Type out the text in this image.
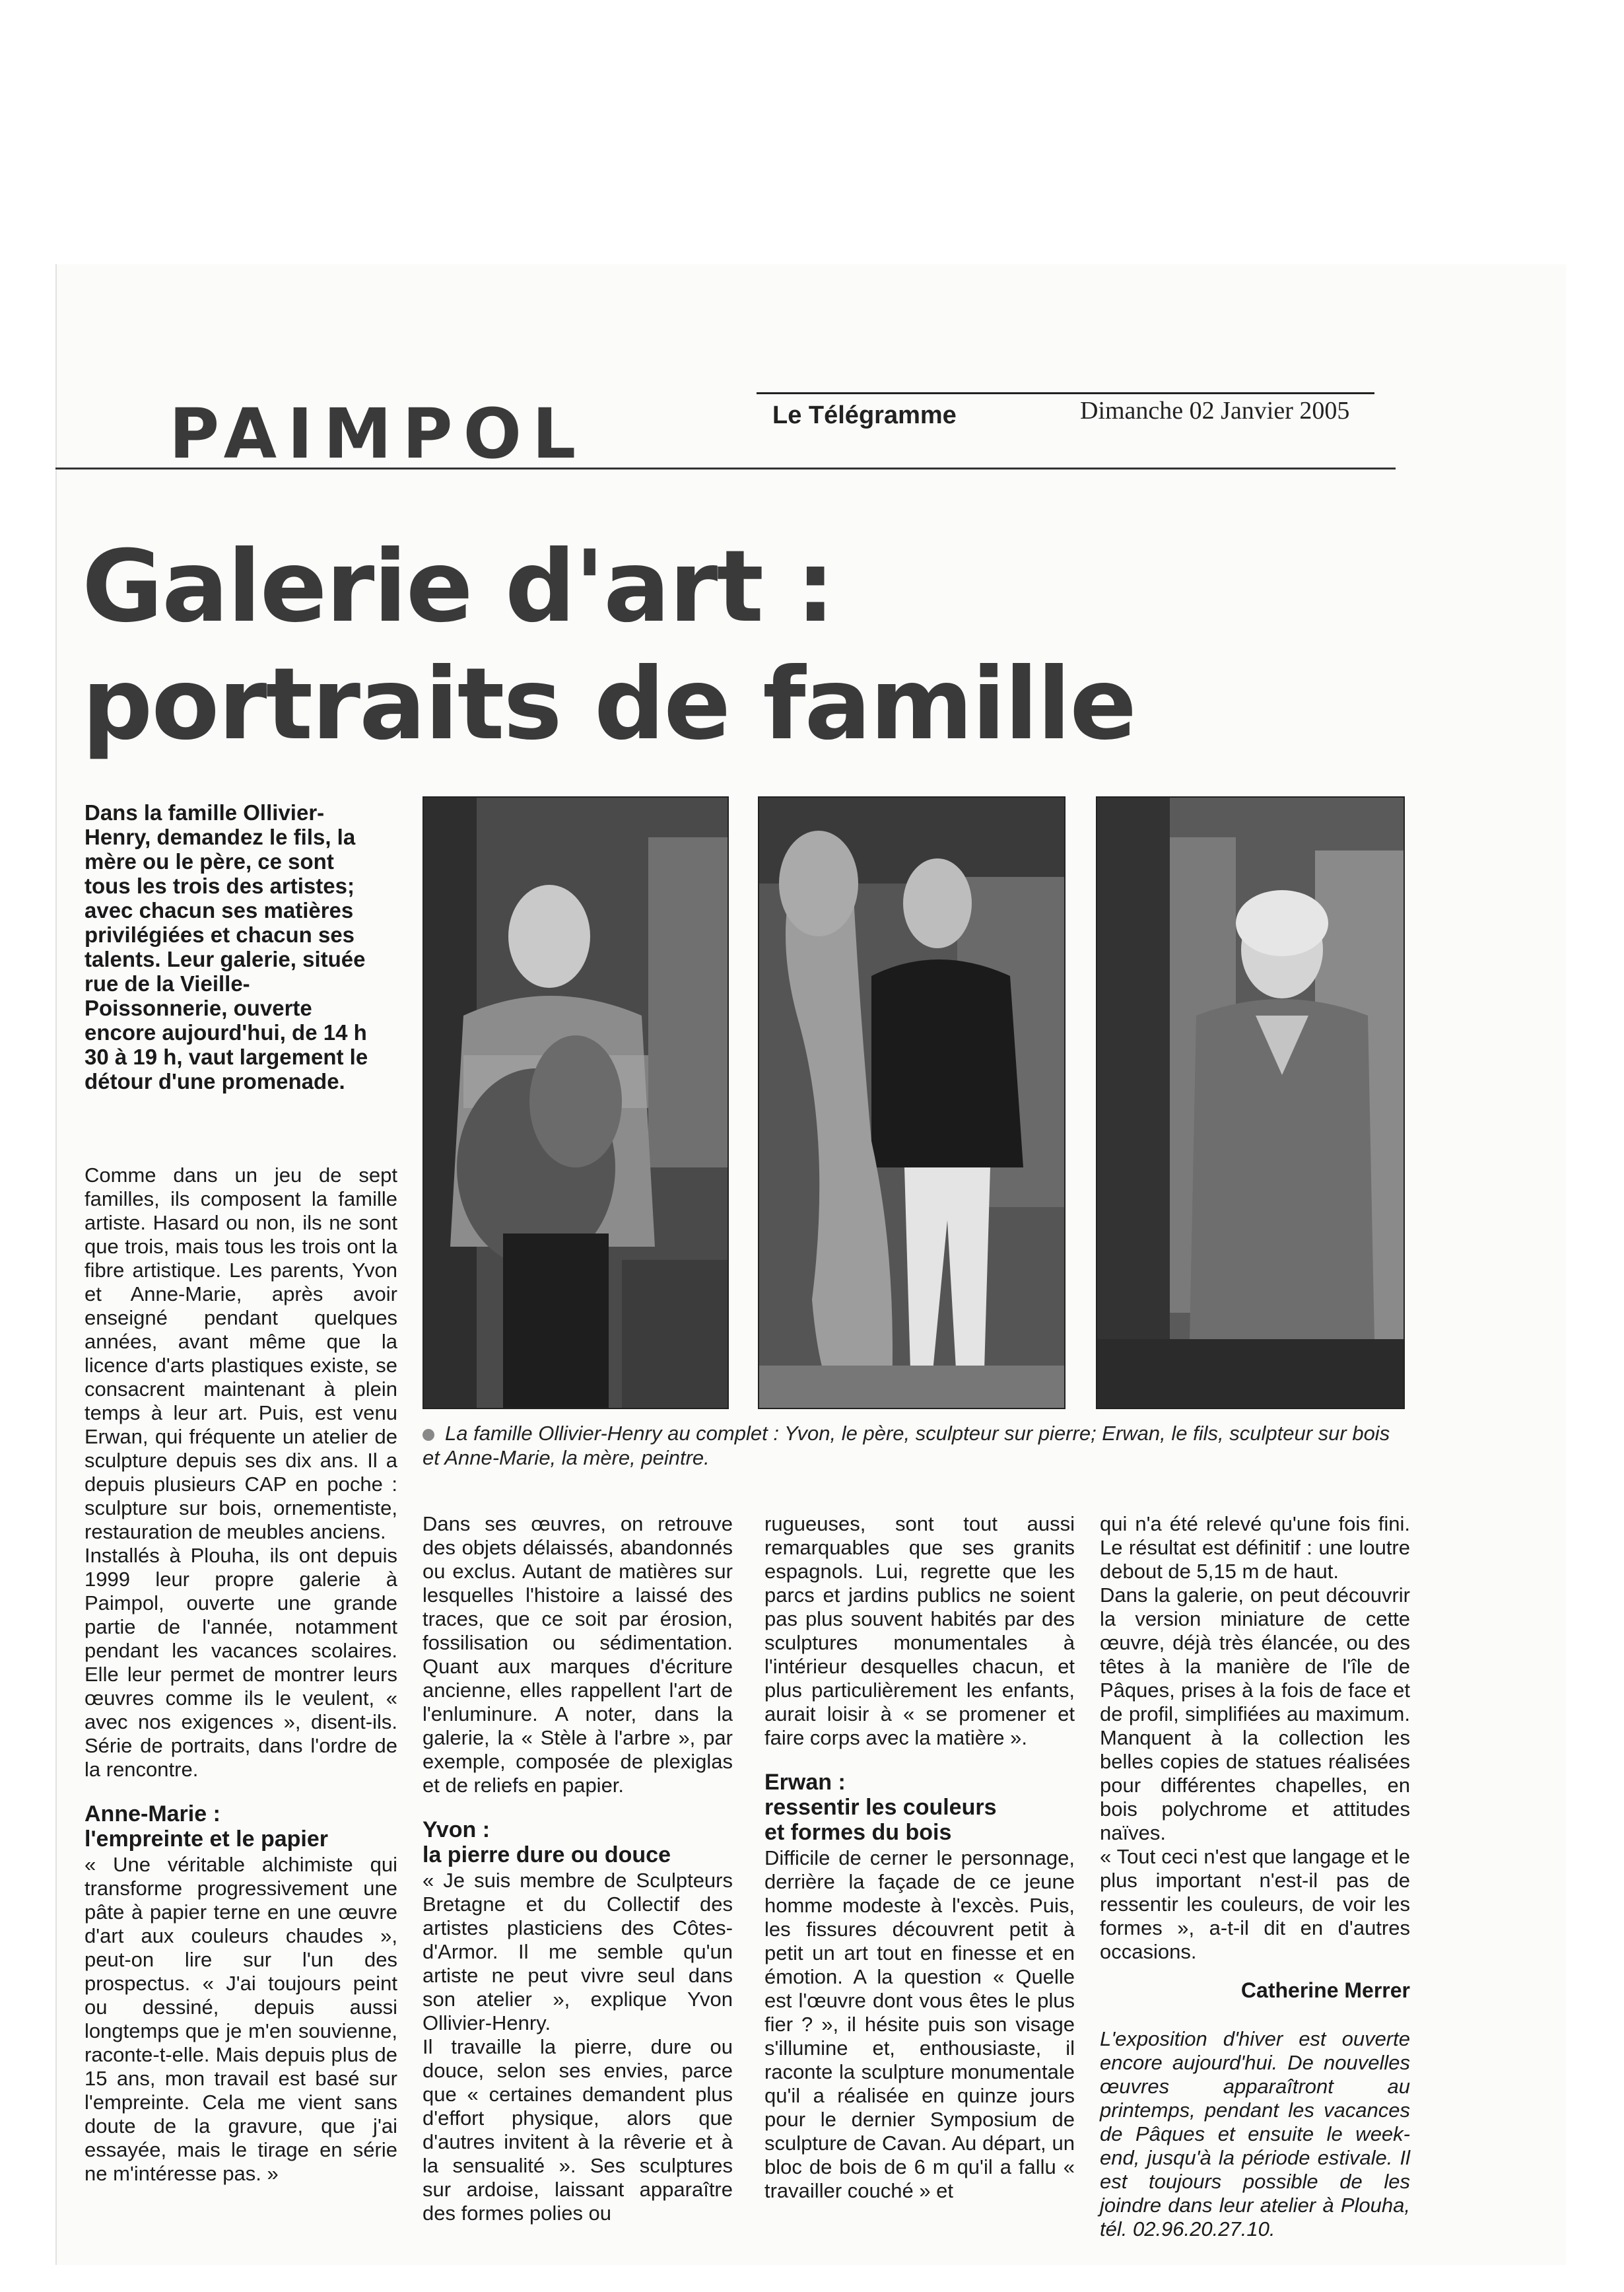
PAIMPOL	Le Télégramme	Dimanche 02 Janvier 2005
Galerie d'art :
portraits de famille

Dans la famille Ollivier-Henry, demandez le fils, la mère ou le père, ce sont tous les trois des artistes; avec chacun ses matières privilégiées et chacun ses talents. Leur galerie, située rue de la Vieille-Poissonnerie, ouverte encore aujourd'hui, de 14 h 30 à 19 h, vaut largement le détour d'une promenade.

La famille Ollivier-Henry au complet : Yvon, le père, sculpteur sur pierre; Erwan, le fils, sculpteur sur bois et Anne-Marie, la mère, peintre.

Comme dans un jeu de sept familles, ils composent la famille artiste. Hasard ou non, ils ne sont que trois, mais tous les trois ont la fibre artistique. Les parents, Yvon et Anne-Marie, après avoir enseigné pendant quelques années, avant même que la licence d'arts plastiques existe, se consacrent maintenant à plein temps à leur art. Puis, est venu Erwan, qui fréquente un atelier de sculpture depuis ses dix ans. Il a depuis plusieurs CAP en poche : sculpture sur bois, ornementiste, restauration de meubles anciens.

Installés à Plouha, ils ont depuis 1999 leur propre galerie à Paimpol, ouverte une grande partie de l'année, notamment pendant les vacances scolaires. Elle leur permet de montrer leurs œuvres comme ils le veulent, « avec nos exigences », disent-ils. Série de portraits, dans l'ordre de la rencontre.

Anne-Marie :
l'empreinte et le papier

« Une véritable alchimiste qui transforme progressivement une pâte à papier terne en une œuvre d'art aux couleurs chaudes », peut-on lire sur l'un des prospectus. « J'ai toujours peint ou dessiné, depuis aussi longtemps que je m'en souvienne, raconte-t-elle. Mais depuis plus de 15 ans, mon travail est basé sur l'empreinte. Cela me vient sans doute de la gravure, que j'ai essayée, mais le tirage en série ne m'intéresse pas. »

Dans ses œuvres, on retrouve des objets délaissés, abandonnés ou exclus. Autant de matières sur lesquelles l'histoire a laissé des traces, que ce soit par érosion, fossilisation ou sédimentation. Quant aux marques d'écriture ancienne, elles rappellent l'art de l'enluminure. A noter, dans la galerie, la « Stèle à l'arbre », par exemple, composée de plexiglas et de reliefs en papier.

Yvon :
la pierre dure ou douce

« Je suis membre de Sculpteurs Bretagne et du Collectif des artistes plasticiens des Côtes-d'Armor. Il me semble qu'un artiste ne peut vivre seul dans son atelier », explique Yvon Ollivier-Henry.

Il travaille la pierre, dure ou douce, selon ses envies, parce que « certaines demandent plus d'effort physique, alors que d'autres invitent à la rêverie et à la sensualité ». Ses sculptures sur ardoise, laissant apparaître des formes polies ou

rugueuses, sont tout aussi remarquables que ses granits espagnols. Lui, regrette que les parcs et jardins publics ne soient pas plus souvent habités par des sculptures monumentales à l'intérieur desquelles chacun, et plus particulièrement les enfants, aurait loisir à « se promener et faire corps avec la matière ».

Erwan :
ressentir les couleurs
et formes du bois

Difficile de cerner le personnage, derrière la façade de ce jeune homme modeste à l'excès. Puis, les fissures découvrent petit à petit un art tout en finesse et en émotion. A la question « Quelle est l'œuvre dont vous êtes le plus fier ? », il hésite puis son visage s'illumine et, enthousiaste, il raconte la sculpture monumentale qu'il a réalisée en quinze jours pour le dernier Symposium de sculpture de Cavan. Au départ, un bloc de bois de 6 m qu'il a fallu « travailler couché » et

qui n'a été relevé qu'une fois fini. Le résultat est définitif : une loutre debout de 5,15 m de haut.

Dans la galerie, on peut découvrir la version miniature de cette œuvre, déjà très élancée, ou des têtes à la manière de l'île de Pâques, prises à la fois de face et de profil, simplifiées au maximum. Manquent à la collection les belles copies de statues réalisées pour différentes chapelles, en bois polychrome et attitudes naïves.

« Tout ceci n'est que langage et le plus important n'est-il pas de ressentir les couleurs, de voir les formes », a-t-il dit en d'autres occasions.

Catherine Merrer

L'exposition d'hiver est ouverte encore aujourd'hui. De nouvelles œuvres apparaîtront au printemps, pendant les vacances de Pâques et ensuite le week-end, jusqu'à la période estivale. Il est toujours possible de les joindre dans leur atelier à Plouha, tél. 02.96.20.27.10.
